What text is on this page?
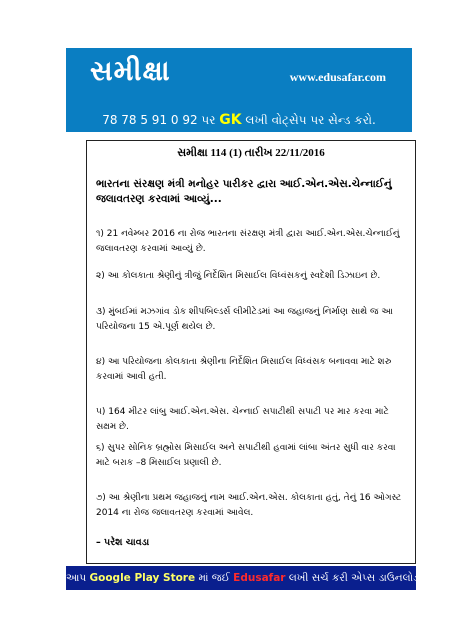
સમીક્ષા	www.edusafar.com
78 78 5 91 0 92 પર GK લખી વોટ્સેપ પર સેન્ડ કરો.
સમીક્ષા 114 (1) તારીખ 22/11/2016
ભારતના સંરક્ષણ મંત્રી મનોહર પારીકર દ્વારા આઈ.એન.એસ.ચેન્નાઈનું જલાવતરણ કરવામાં આવ્યું...
૧) 21 નવેમ્બર 2016 ના રોજ ભારતના સંરક્ષણ મંત્રી દ્વારા આઈ.એન.એસ.ચેન્નાઈનું જલાવતરણ કરવામાં આવ્યું છે.
૨) આ કોલકાતા શ્રેણીનું ત્રીજું નિર્દેશિત મિસાઈલ વિધ્વંસકનું સ્વદેશી ડિઝાઇન છે.
૩) મુંબઈમાં મઝગાંવ ડોક શીપબિલ્ડર્સ લીમીટેડમાં આ જહાજનું નિર્માણ સાથે જ આ પરિયોજના 15 એ.પૂર્ણ થયેલ છે.
૪) આ પરિયોજના કોલકાતા શ્રેણીના નિર્દેશિત મિસાઈલ વિધ્વંસક બનાવવા માટે શરુ કરવામાં આવી હતી.
૫) 164 મીટર લાંબુ આઈ.એન.એસ. ચેન્નાઈ સપાટીથી સપાટી પર માર કરવા માટે સક્ષમ છે.
૬) સુપર સોનિક બ્રહ્મોસ મિસાઈલ અને સપાટીથી હવામાં લાંબા અંતર સુધી વાર કરવા માટે બરાક –8 મિસાઈલ પ્રણાલી છે.
૭) આ શ્રેણીના પ્રથમ જહાજનું નામ આઈ.એન.એસ. કોલકાતા હતું, તેનું 16 ઓગસ્ટ 2014 ના રોજ જલાવતરણ કરવામાં આવેલ.
– પરેશ ચાવડા
આપ Google Play Store માં જઈ Edusafar લખી સર્ચ કરી એપ્સ ડાઉનલોડ કરો
